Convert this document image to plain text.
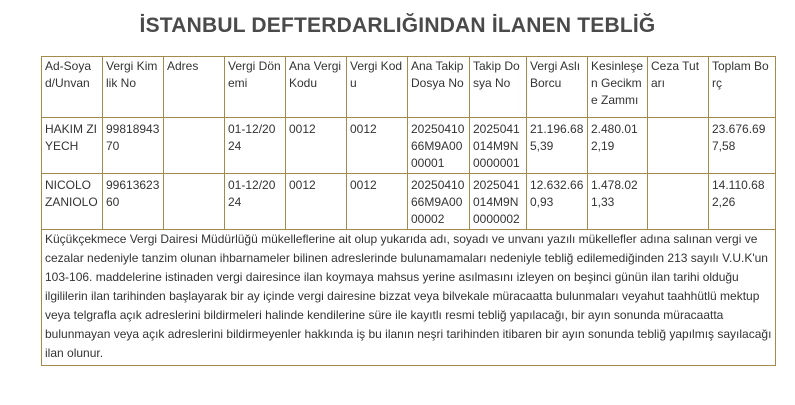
İSTANBUL DEFTERDARLIĞINDAN İLANEN TEBLİĞ
Ad-Soyad/Unvan	Vergi Kimlik No	Adres	Vergi Dönemi	Ana Vergi Kodu	Vergi Kodu	Ana Takip Dosya No	Takip Dosya No	Vergi Aslı Borcu	Kesinleşen Gecikme Zammı	Ceza Tutarı	Toplam Borç
HAKIM ZIYECH	9981894370		01-12/2024	0012	0012	2025041066M9A0000001	2025041014M9N0000001	21.196.685,39	2.480.012,19		23.676.697,58
NICOLO ZANIOLO	9961362360		01-12/2024	0012	0012	2025041066M9A0000002	2025041014M9N0000002	12.632.660,93	1.478.021,33		14.110.682,26
Küçükçekmece Vergi Dairesi Müdürlüğü mükelleflerine ait olup yukarıda adı, soyadı ve unvanı yazılı mükellefler adına salınan vergi ve cezalar nedeniyle tanzim olunan ihbarnameler bilinen adreslerinde bulunamamaları nedeniyle tebliğ edilemediğinden 213 sayılı V.U.K'un 103-106. maddelerine istinaden vergi dairesince ilan koymaya mahsus yerine asılmasını izleyen on beşinci günün ilan tarihi olduğu ilgililerin ilan tarihinden başlayarak bir ay içinde vergi dairesine bizzat veya bilvekale müracaatta bulunmaları veyahut taahhütlü mektup veya telgrafla açık adreslerini bildirmeleri halinde kendilerine süre ile kayıtlı resmi tebliğ yapılacağı, bir ayın sonunda müracaatta bulunmayan veya açık adreslerini bildirmeyenler hakkında iş bu ilanın neşri tarihinden itibaren bir ayın sonunda tebliğ yapılmış sayılacağı ilan olunur.											
